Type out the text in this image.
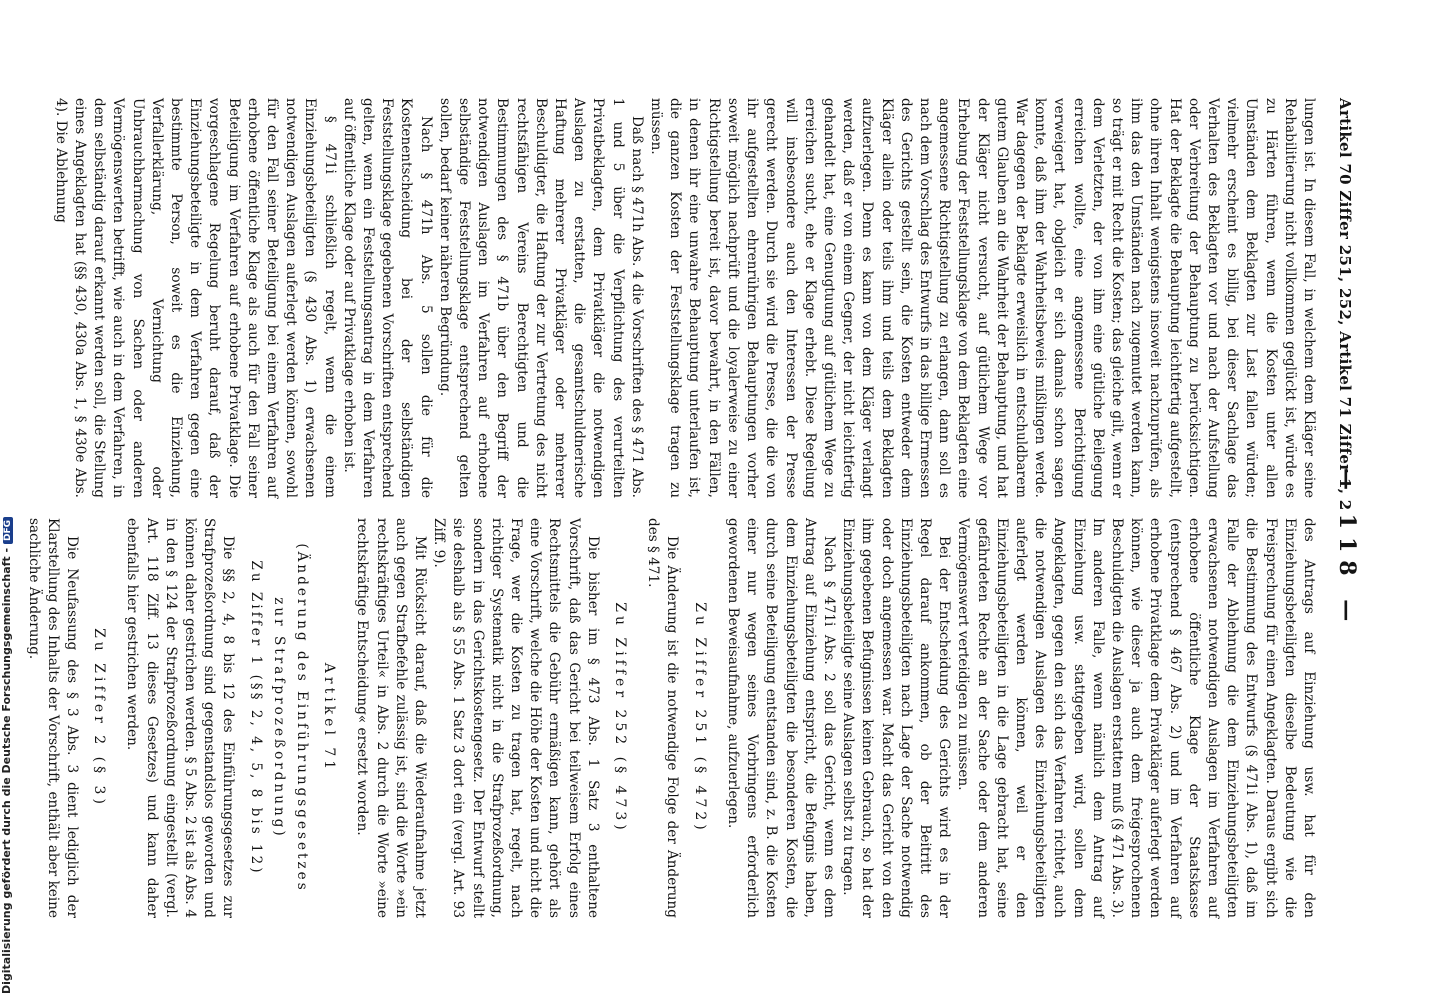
Artikel 70 Ziffer 251, 252, Artikel 71 Ziffer 1, 2
— 118 —

lungen ist. In diesem Fall, in welchem dem Kläger seine Rehabilitierung nicht vollkommen geglückt ist, würde es zu Härten führen, wenn die Kosten unter allen Umständen dem Beklagten zur Last fallen würden; vielmehr erscheint es billig, bei dieser Sachlage das Verhalten des Beklagten vor und nach der Aufstellung oder Verbreitung der Behauptung zu berücksichtigen. Hat der Beklagte die Behauptung leichtfertig aufgestellt, ohne ihren Inhalt wenigstens insoweit nachzuprüfen, als ihm das den Umständen nach zugemutet werden kann, so trägt er mit Recht die Kosten; das gleiche gilt, wenn er dem Verletzten, der von ihm eine gütliche Beilegung erreichen wollte, eine angemessene Berichtigung verweigert hat, obgleich er sich damals schon sagen konnte, daß ihm der Wahrheitsbeweis mißlingen werde. War dagegen der Beklagte erweislich in entschuldbarem gutem Glauben an die Wahrheit der Behauptung, und hat der Kläger nicht versucht, auf gütlichem Wege vor Erhebung der Feststellungsklage von dem Beklagten eine angemessene Richtigstellung zu erlangen, dann soll es nach dem Vorschlag des Entwurfs in das billige Ermessen des Gerichts gestellt sein, die Kosten entweder dem Kläger allein oder teils ihm und teils dem Beklagten aufzuerlegen. Denn es kann von dem Kläger verlangt werden, daß er von einem Gegner, der nicht leichtfertig gehandelt hat, eine Genugtuung auf gütlichem Wege zu erreichen sucht, ehe er Klage erhebt. Diese Regelung will insbesondere auch den Interessen der Presse gerecht werden. Durch sie wird die Presse, die die von ihr aufgestellten ehrenrührigen Behauptungen vorher soweit möglich nachprüft und die loyalerweise zu einer Richtigstellung bereit ist, davor bewahrt, in den Fällen, in denen ihr eine unwahre Behauptung unterlaufen ist, die ganzen Kosten der Feststellungsklage tragen zu müssen.

Daß nach § 471h Abs. 4 die Vorschriften des § 471 Abs. 1 und 5 über die Verpflichtung des verurteilten Privatbeklagten, dem Privatkläger die notwendigen Auslagen zu erstatten, die gesamtschuldnerische Haftung mehrerer Privatkläger oder mehrerer Beschuldigter, die Haftung der zur Vertretung des nicht rechtsfähigen Vereins Berechtigten und die Bestimmungen des § 471b über den Begriff der notwendigen Auslagen im Verfahren auf erhobene selbständige Feststellungsklage entsprechend gelten sollen, bedarf keiner näheren Begründung.

Nach § 471h Abs. 5 sollen die für die Kostenentscheidung bei der selbständigen Feststellungsklage gegebenen Vorschriften entsprechend gelten, wenn ein Feststellungsantrag in dem Verfahren auf öffentliche Klage oder auf Privatklage erhoben ist.

§ 471i schließlich regelt, wenn die einem Einziehungsbeteiligten (§ 430 Abs. 1) erwachsenen notwendigen Auslagen auferlegt werden können, sowohl für den Fall seiner Beteiligung bei einem Verfahren auf erhobene öffentliche Klage als auch für den Fall seiner Beteiligung im Verfahren auf erhobene Privatklage. Die vorgeschlagene Regelung beruht darauf, daß der Einziehungsbeteiligte in dem Verfahren gegen eine bestimmte Person, soweit es die Einziehung, Verfallerklärung, Vernichtung oder Unbrauchbarmachung von Sachen oder anderen Vermögenswerten betrifft, wie auch in dem Verfahren, in dem selbständig darauf erkannt werden soll, die Stellung eines Angeklagten hat (§§ 430, 430a Abs. 1, § 430e Abs. 4). Die Ablehnung

des Antrags auf Einziehung usw. hat für den Einziehungsbeteiligten dieselbe Bedeutung wie die Freisprechung für einen Angeklagten. Daraus ergibt sich die Bestimmung des Entwurfs (§ 471i Abs. 1), daß im Falle der Ablehnung die dem Einziehungsbeteiligten erwachsenen notwendigen Auslagen im Verfahren auf erhobene öffentliche Klage der Staatskasse (entsprechend § 467 Abs. 2) und im Verfahren auf erhobene Privatklage dem Privatkläger auferlegt werden können, wie dieser ja auch dem freigesprochenen Beschuldigten die Auslagen erstatten muß (§ 471 Abs. 3). Im anderen Falle, wenn nämlich dem Antrag auf Einziehung usw. stattgegeben wird, sollen dem Angeklagten, gegen den sich das Verfahren richtet, auch die notwendigen Auslagen des Einziehungsbeteiligten auferlegt werden können, weil er den Einziehungsbeteiligten in die Lage gebracht hat, seine gefährdeten Rechte an der Sache oder dem anderen Vermögenswert verteidigen zu müssen.

Bei der Entscheidung des Gerichts wird es in der Regel darauf ankommen, ob der Beitritt des Einziehungsbeteiligten nach Lage der Sache notwendig oder doch angemessen war. Macht das Gericht von den ihm gegebenen Befugnissen keinen Gebrauch, so hat der Einziehungsbeteiligte seine Auslagen selbst zu tragen.

Nach § 471i Abs. 2 soll das Gericht, wenn es dem Antrag auf Einziehung entspricht, die Befugnis haben, dem Einziehungsbeteiligten die besonderen Kosten, die durch seine Beteiligung entstanden sind, z. B. die Kosten einer nur wegen seines Vorbringens erforderlich gewordenen Beweisaufnahme, aufzuerlegen.

Zu Ziffer 251 (§ 472)

Die Änderung ist die notwendige Folge der Änderung des § 471.

Zu Ziffer 252 (§ 473)

Die bisher im § 473 Abs. 1 Satz 3 enthaltene Vorschrift, daß das Gericht bei teilweisem Erfolg eines Rechtsmittels die Gebühr ermäßigen kann, gehört als eine Vorschrift, welche die Höhe der Kosten und nicht die Frage, wer die Kosten zu tragen hat, regelt, nach richtiger Systematik nicht in die Strafprozeßordnung, sondern in das Gerichtskostengesetz. Der Entwurf stellt sie deshalb als § 55 Abs. 1 Satz 3 dort ein (vergl. Art. 93 Ziff. 9).

Mit Rücksicht darauf, daß die Wiederaufnahme jetzt auch gegen Strafbefehle zulässig ist, sind die Worte »ein rechtskräftiges Urteil« in Abs. 2 durch die Worte »eine rechtskräftige Entscheidung« ersetzt worden.

Artikel 71
(Änderung des Einführungsgesetzes
zur Strafprozeßordnung)
Zu Ziffer 1 (§§ 2, 4, 5, 8 bis 12)

Die §§ 2, 4, 8 bis 12 des Einführungsgesetzes zur Strafprozeßordnung sind gegenstandslos geworden und können daher gestrichen werden. § 5 Abs. 2 ist als Abs. 4 in den § 124 der Strafprozeßordnung eingestellt (vergl. Art. 118 Ziff. 13 dieses Gesetzes) und kann daher ebenfalls hier gestrichen werden.

Zu Ziffer 2 (§ 3)

Die Neufassung des § 3 Abs. 3 dient lediglich der Klarstellung des Inhalts der Vorschrift, enthält aber keine sachliche Änderung.

Digitalisierung gefördert durch die Deutsche Forschungsgemeinschaft -DFG
